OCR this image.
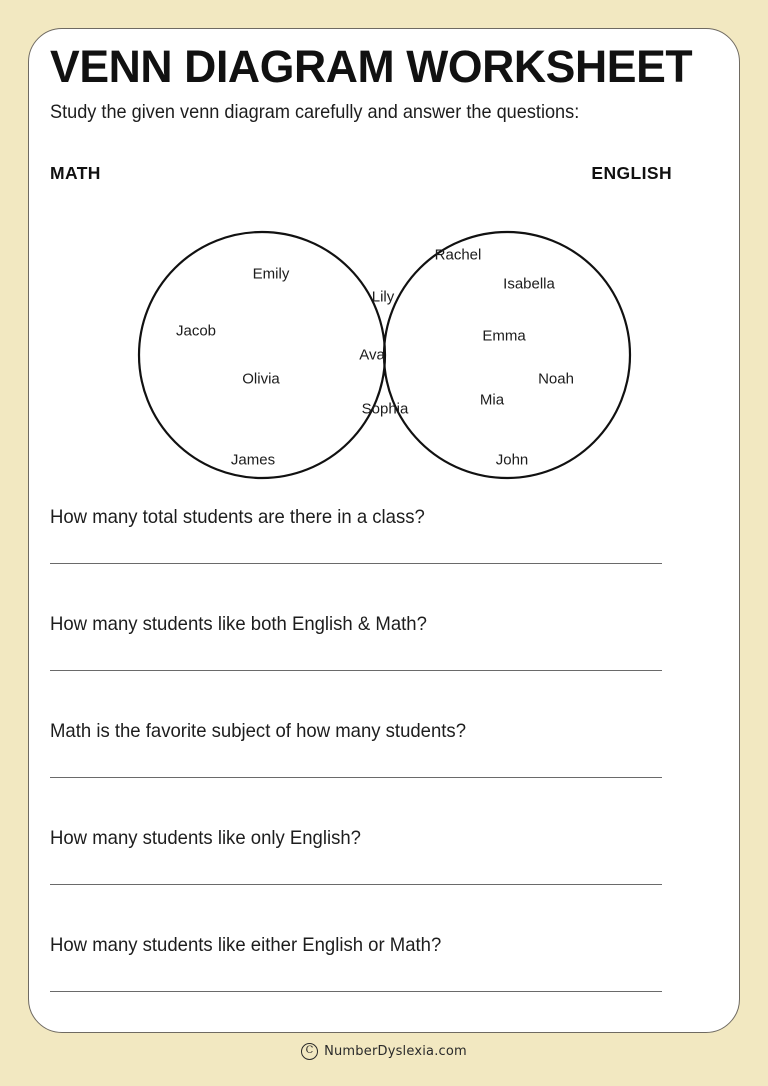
VENN DIAGRAM WORKSHEET
Study the given venn diagram carefully and answer the questions:
MATH	ENGLISH
Emily
Jacob
Olivia
James
Lily
Ava
Sophia
Rachel
Isabella
Emma
Noah
Mia
John
How many total students are there in a class?
How many students like both English & Math?
Math is the favorite subject of how many students?
How many students like only English?
How many students like either English or Math?
C NumberDyslexia.com
